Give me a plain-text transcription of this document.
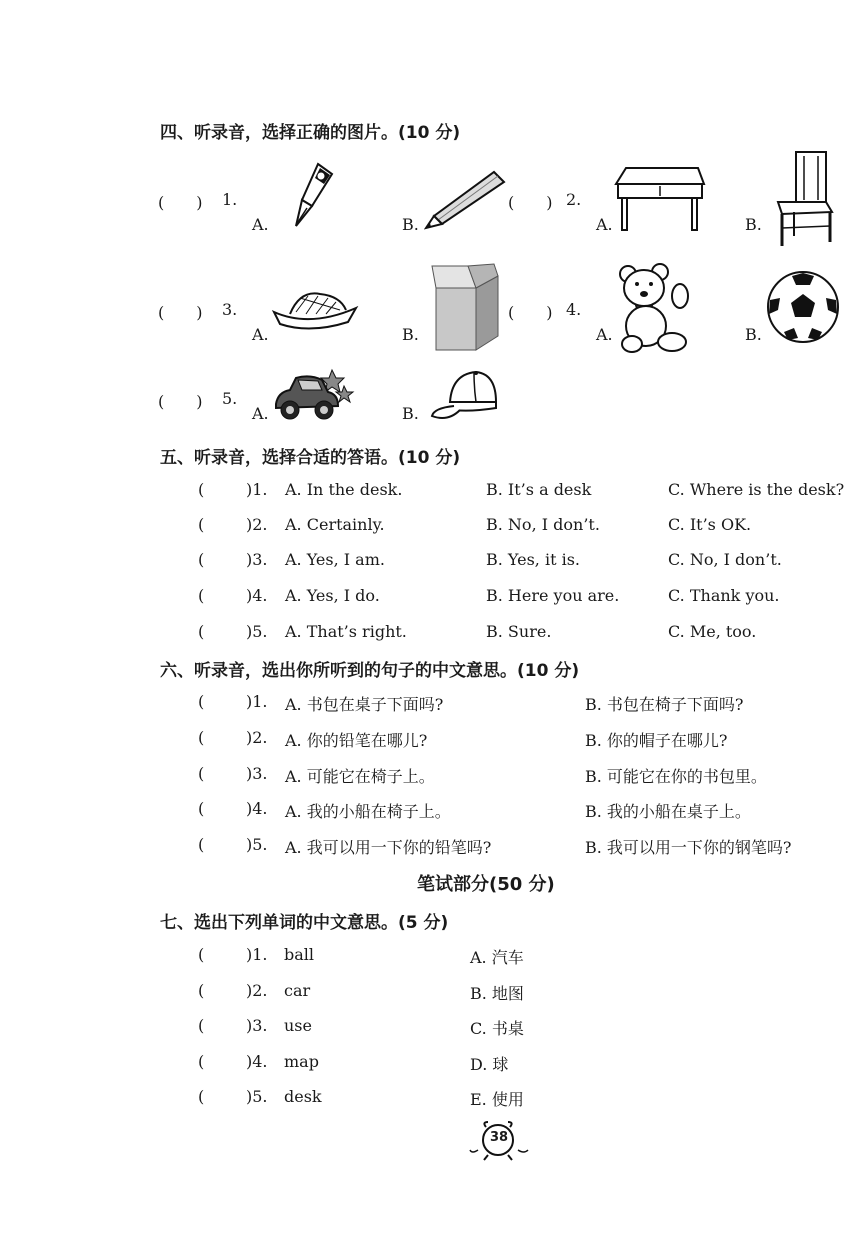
四、听录音，选择正确的图片。(10 分)
(　　) 1.
A.	B.
(　　) 2.
A.	B.
(　　) 3.
A.	B.
(　　) 4.
A.	B.
(　　) 5.
A.	B.
五、听录音，选择合适的答语。(10 分)
(	)1. A. In the desk.	B. It’s a desk	C. Where is the desk?
(	)2. A. Certainly.	B. No, I don’t.	C. It’s OK.
(	)3. A. Yes, I am.	B. Yes, it is.	C. No, I don’t.
(	)4. A. Yes, I do.	B. Here you are.	C. Thank you.
(	)5. A. That’s right.	B. Sure.	C. Me, too.
六、听录音，选出你所听到的句子的中文意思。(10 分)
(	)1. A. 书包在桌子下面吗?	B. 书包在椅子下面吗?
(	)2. A. 你的铅笔在哪儿?	B. 你的帽子在哪儿?
(	)3. A. 可能它在椅子上。	B. 可能它在你的书包里。
(	)4. A. 我的小船在椅子上。	B. 我的小船在桌子上。
(	)5. A. 我可以用一下你的铅笔吗?	B. 我可以用一下你的钢笔吗?
笔试部分(50 分)
七、选出下列单词的中文意思。(5 分)
(	)1. ball	A. 汽车
(	)2. car	B. 地图
(	)3. use	C. 书桌
(	)4. map	D. 球
(	)5. desk	E. 使用
38
